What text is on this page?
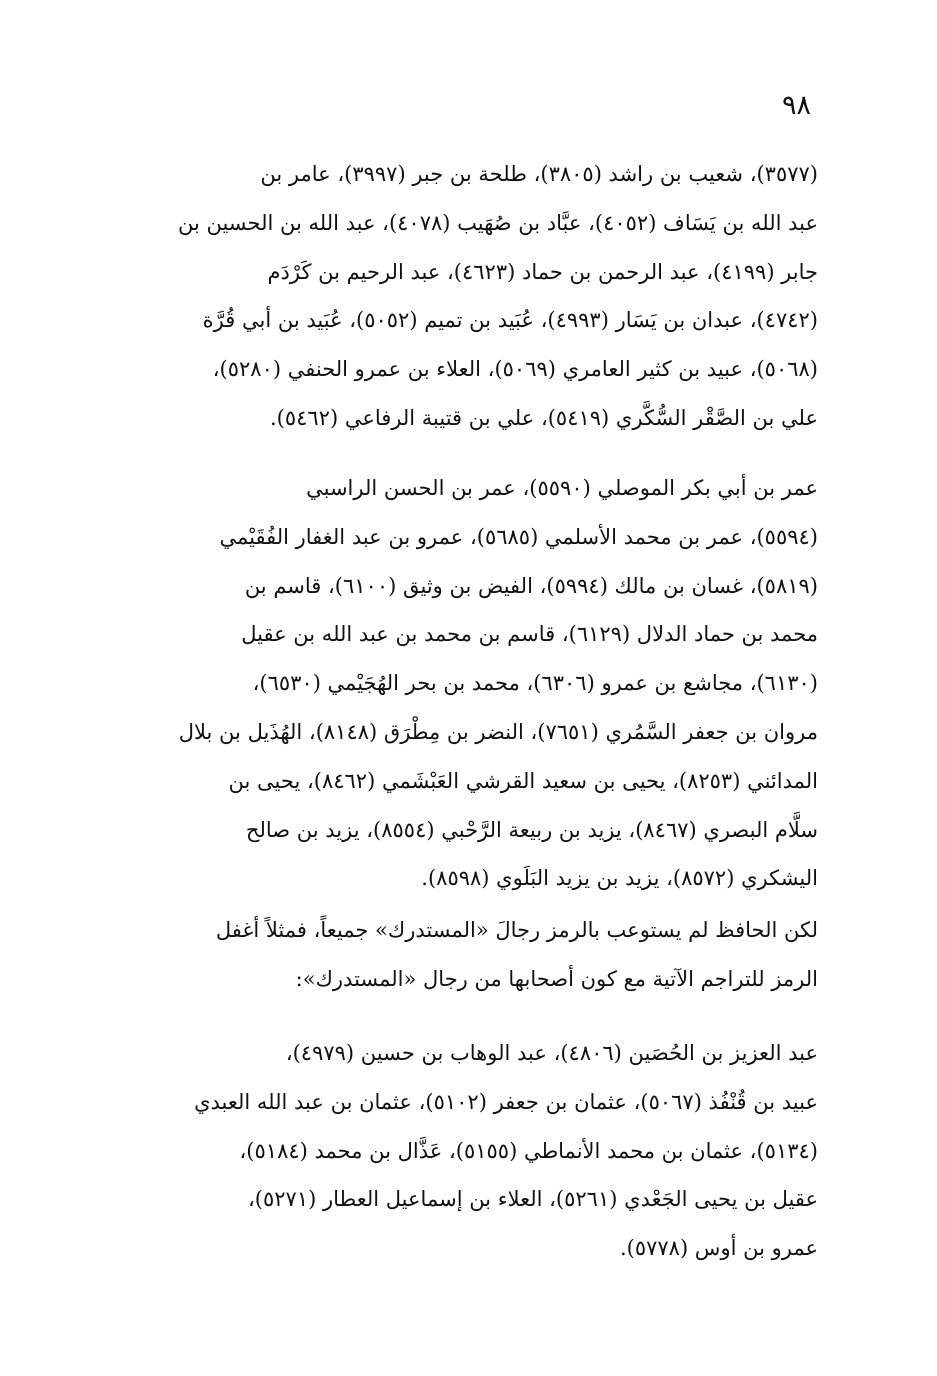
٩٨
(٣٥٧٧)، شعيب بن راشد (٣٨٠٥)، طلحة بن جبر (٣٩٩٧)، عامر بن
عبد الله بن يَسَاف (٤٠٥٢)، عبَّاد بن صُهَيب (٤٠٧٨)، عبد الله بن الحسين بن
جابر (٤١٩٩)، عبد الرحمن بن حماد (٤٦٢٣)، عبد الرحيم بن كَرْدَم
(٤٧٤٢)، عبدان بن يَسَار (٤٩٩٣)، عُبَيد بن تميم (٥٠٥٢)، عُبَيد بن أبي قُرَّة
(٥٠٦٨)، عبيد بن كثير العامري (٥٠٦٩)، العلاء بن عمرو الحنفي (٥٢٨٠)،
علي بن الصَّقْر السُّكَّري (٥٤١٩)، علي بن قتيبة الرفاعي (٥٤٦٢).
عمر بن أبي بكر الموصلي (٥٥٩٠)، عمر بن الحسن الراسبي
(٥٥٩٤)، عمر بن محمد الأسلمي (٥٦٨٥)، عمرو بن عبد الغفار الفُقَيْمي
(٥٨١٩)، غسان بن مالك (٥٩٩٤)، الفيض بن وثيق (٦١٠٠)، قاسم بن
محمد بن حماد الدلال (٦١٢٩)، قاسم بن محمد بن عبد الله بن عقيل
(٦١٣٠)، مجاشع بن عمرو (٦٣٠٦)، محمد بن بحر الهُجَيْمي (٦٥٣٠)،
مروان بن جعفر السَّمُري (٧٦٥١)، النضر بن مِطْرَق (٨١٤٨)، الهُذَيل بن بلال
المدائني (٨٢٥٣)، يحيى بن سعيد القرشي العَبْشَمي (٨٤٦٢)، يحيى بن
سلَّام البصري (٨٤٦٧)، يزيد بن ربيعة الرَّحْبي (٨٥٥٤)، يزيد بن صالح
اليشكري (٨٥٧٢)، يزيد بن يزيد البَلَوي (٨٥٩٨).
لكن الحافظ لم يستوعب بالرمز رجالَ «المستدرك» جميعاً، فمثلاً أغفل
الرمز للتراجم الآتية مع كون أصحابها من رجال «المستدرك»:
عبد العزيز بن الحُصَين (٤٨٠٦)، عبد الوهاب بن حسين (٤٩٧٩)،
عبيد بن قُنْفُذ (٥٠٦٧)، عثمان بن جعفر (٥١٠٢)، عثمان بن عبد الله العبدي
(٥١٣٤)، عثمان بن محمد الأنماطي (٥١٥٥)، عَذَّال بن محمد (٥١٨٤)،
عقيل بن يحيى الجَعْدي (٥٢٦١)، العلاء بن إسماعيل العطار (٥٢٧١)،
عمرو بن أوس (٥٧٧٨).
